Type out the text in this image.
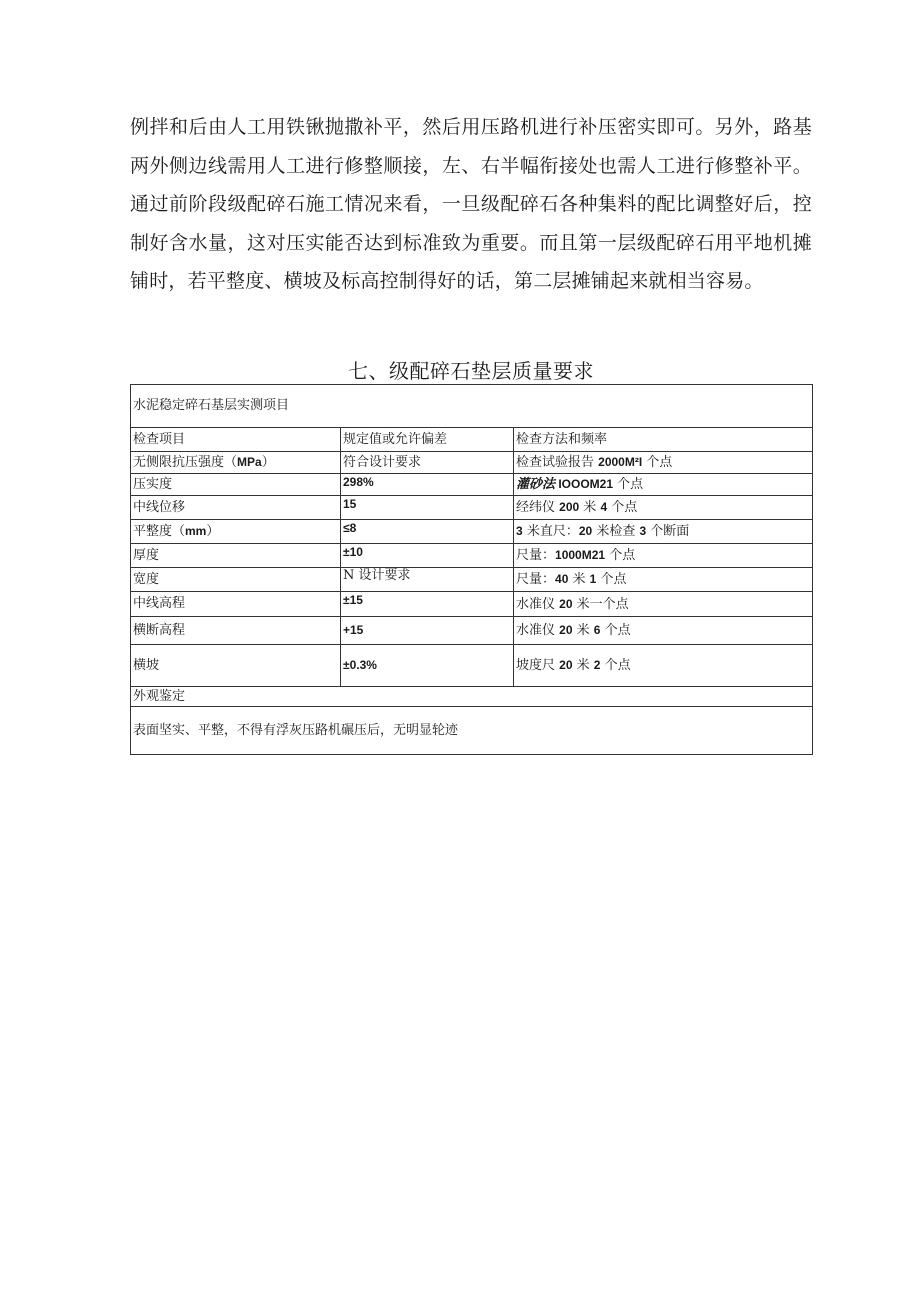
例拌和后由人工用铁锹抛撒补平，然后用压路机进行补压密实即可。另外，路基两外侧边线需用人工进行修整顺接，左、右半幅衔接处也需人工进行修整补平。通过前阶段级配碎石施工情况来看，一旦级配碎石各种集料的配比调整好后，控制好含水量，这对压实能否达到标准致为重要。而且第一层级配碎石用平地机摊铺时，若平整度、横坡及标高控制得好的话，第二层摊铺起来就相当容易。

七、级配碎石垫层质量要求
水泥稳定碎石基层实测项目		
检查项目	规定值或允许偏差	检查方法和频率
无侧限抗压强度（MPa）	符合设计要求	检查试验报告 2000M²I 个点
压实度	298%	灌砂法 IOOOM21 个点
中线位移	15	经纬仪 200 米 4 个点
平整度（mm）	≤8	3 米直尺：20 米检查 3 个断面
厚度	±10	尺量：1000M21 个点
宽度	N 设计要求	尺量：40 米 1 个点
中线高程	±15	水准仪 20 米一个点
横断高程	+15	水准仪 20 米 6 个点
横坡	±0.3%	坡度尺 20 米 2 个点
外观鉴定		
表面坚实、平整，不得有浮灰压路机碾压后，无明显轮迹		
